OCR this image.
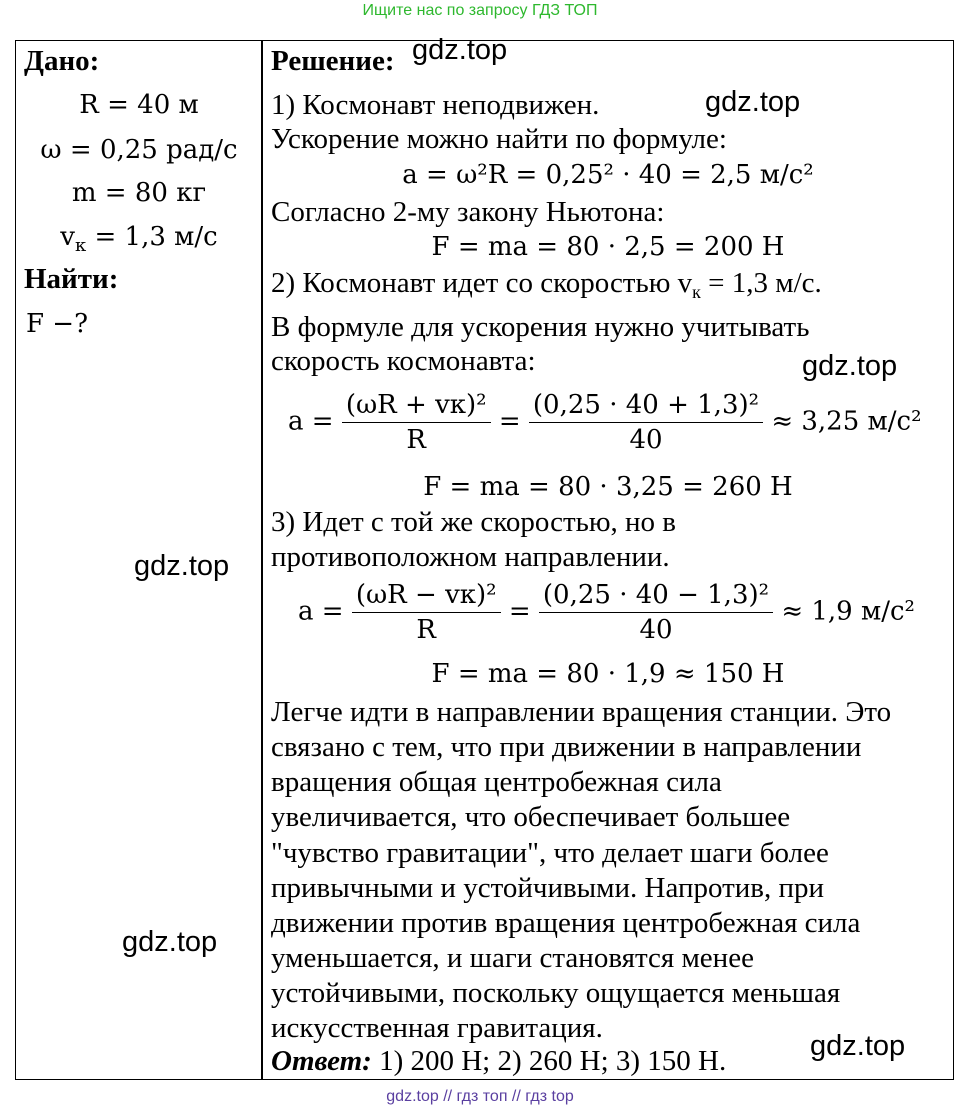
Ищите нас по запросу ГДЗ ТОП
Дано:
R = 40 м
ω = 0,25 рад/с
m = 80 кг
$v_к = 1,3$ м/с
Найти:
F −?
Решение:
1) Космонавт неподвижен.
Ускорение можно найти по формуле:
a = ω²R = 0,25² · 40 = 2,5 м/с²
Согласно 2-му закону Ньютона:
F = ma = 80 · 2,5 = 200 Н
2) Космонавт идет со скоростью $v_к = 1,3$ м/с.
В формуле для ускорения нужно учитывать
скорость космонавта:
$a = \frac{\text{(ωR + vк)²}}{R} = \frac{\text{(0,25 · 40 + 1,3)²}}{40} \approx 3,25$ м/с²
F = ma = 80 · 3,25 = 260 Н
3) Идет с той же скоростью, но в
противоположном направлении.
$a = \frac{\text{(ωR − vк)²}}{R} = \frac{\text{(0,25 · 40 − 1,3)²}}{40} \approx 1,9$ м/с²
F = ma = 80 · 1,9 ≈ 150 Н
Легче идти в направлении вращения станции. Это
связано с тем, что при движении в направлении
вращения общая центробежная сила
увеличивается, что обеспечивает большее
"чувство гравитации", что делает шаги более
привычными и устойчивыми. Напротив, при
движении против вращения центробежная сила
уменьшается, и шаги становятся менее
устойчивыми, поскольку ощущается меньшая
искусственная гравитация.
Ответ: 1) 200 Н; 2) 260 Н; 3) 150 Н.
gdz.top
gdz.top
gdz.top
gdz.top
gdz.top
gdz.top
gdz.top // гдз топ // гдз top
